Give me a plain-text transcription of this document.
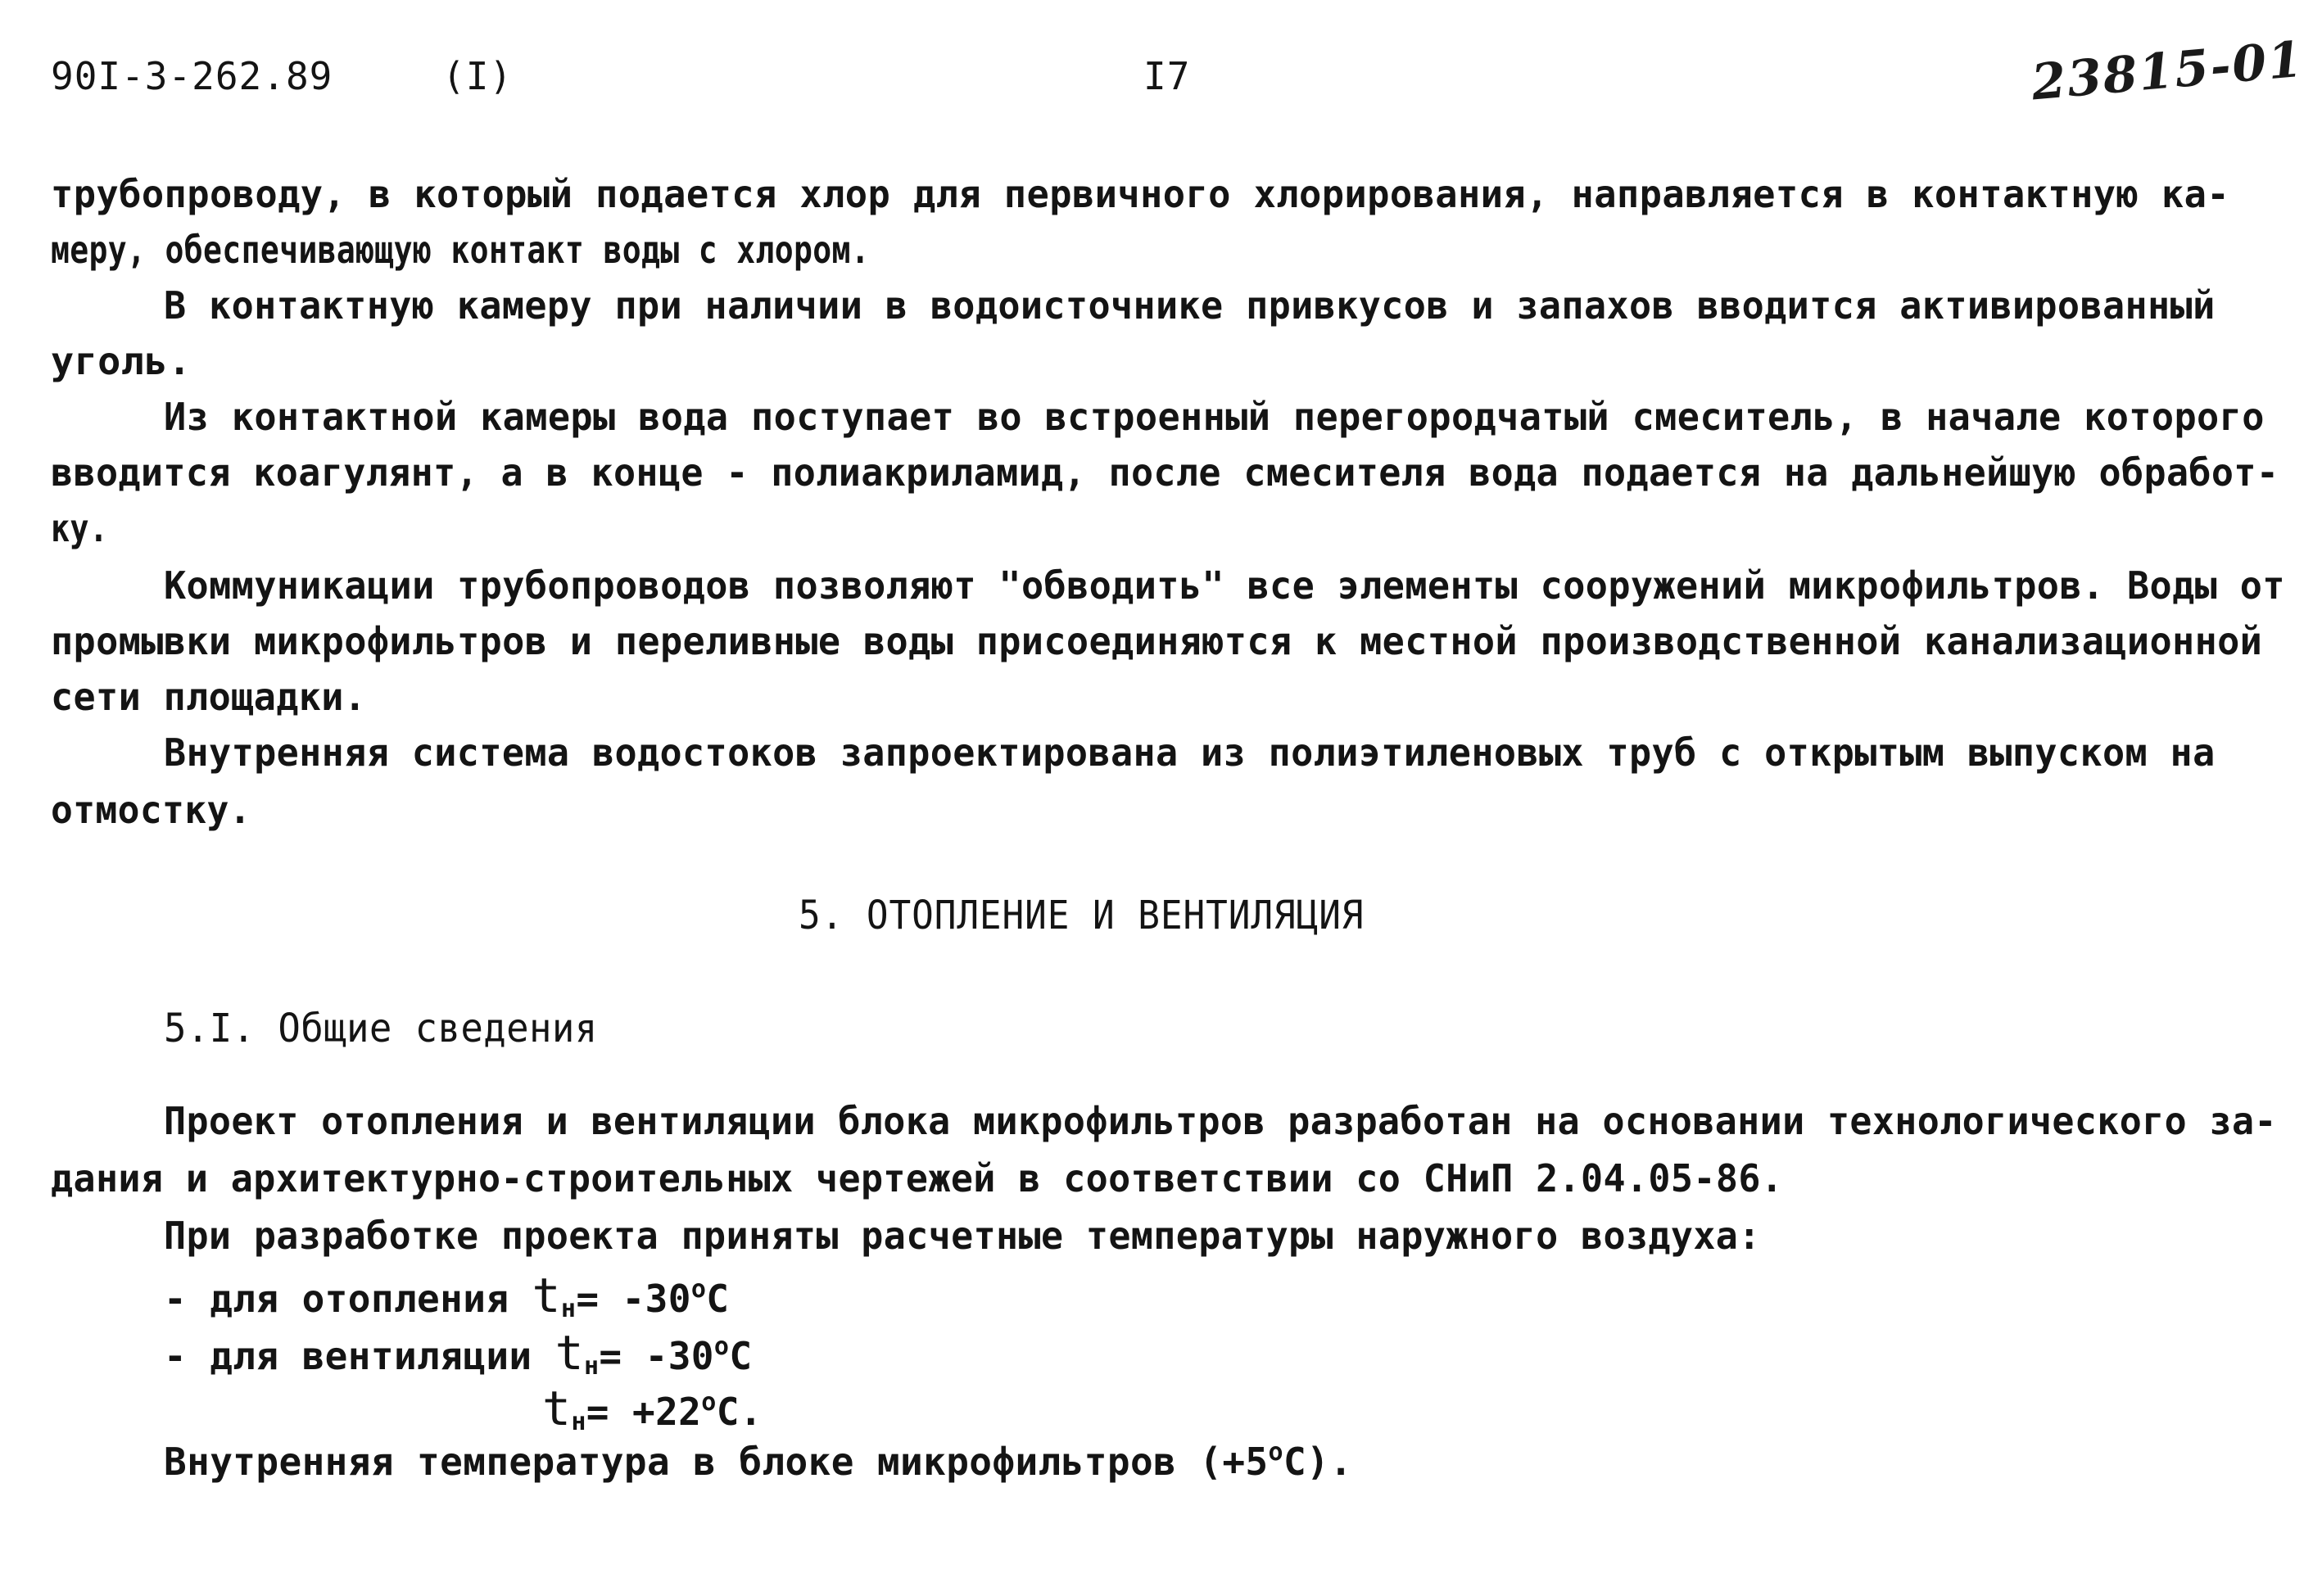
90I-3-262.89	(I)	I7	23815-01
трубопроводу, в который подается хлор для первичного хлорирования, направляется в контактную ка-
меру, обеспечивающую контакт воды с хлором.
В контактную камеру при наличии в водоисточнике привкусов и запахов вводится активированный
уголь.
Из контактной камеры вода поступает во встроенный перегородчатый смеситель, в начале которого
вводится коагулянт, а в конце - полиакриламид, после смесителя вода подается на дальнейшую обработ-
ку.
Коммуникации трубопроводов позволяют "обводить" все элементы сооружений микрофильтров. Воды от
промывки микрофильтров и переливные воды присоединяются к местной производственной канализационной
сети площадки.
Внутренняя система водостоков запроектирована из полиэтиленовых труб с открытым выпуском на
отмостку.
5. ОТОПЛЕНИЕ И ВЕНТИЛЯЦИЯ
5.I. Общие сведения
Проект отопления и вентиляции блока микрофильтров разработан на основании технологического за-
дания и архитектурно-строительных чертежей в соответствии со СНиП 2.04.05-86.
При разработке проекта приняты расчетные температуры наружного воздуха:
- для отопления $t_н= -30^оС$
- для вентиляции $t_н= -30^оС$
$t_н= +22^оС$.
Внутренняя температура в блоке микрофильтров $(+5^оС)$.
